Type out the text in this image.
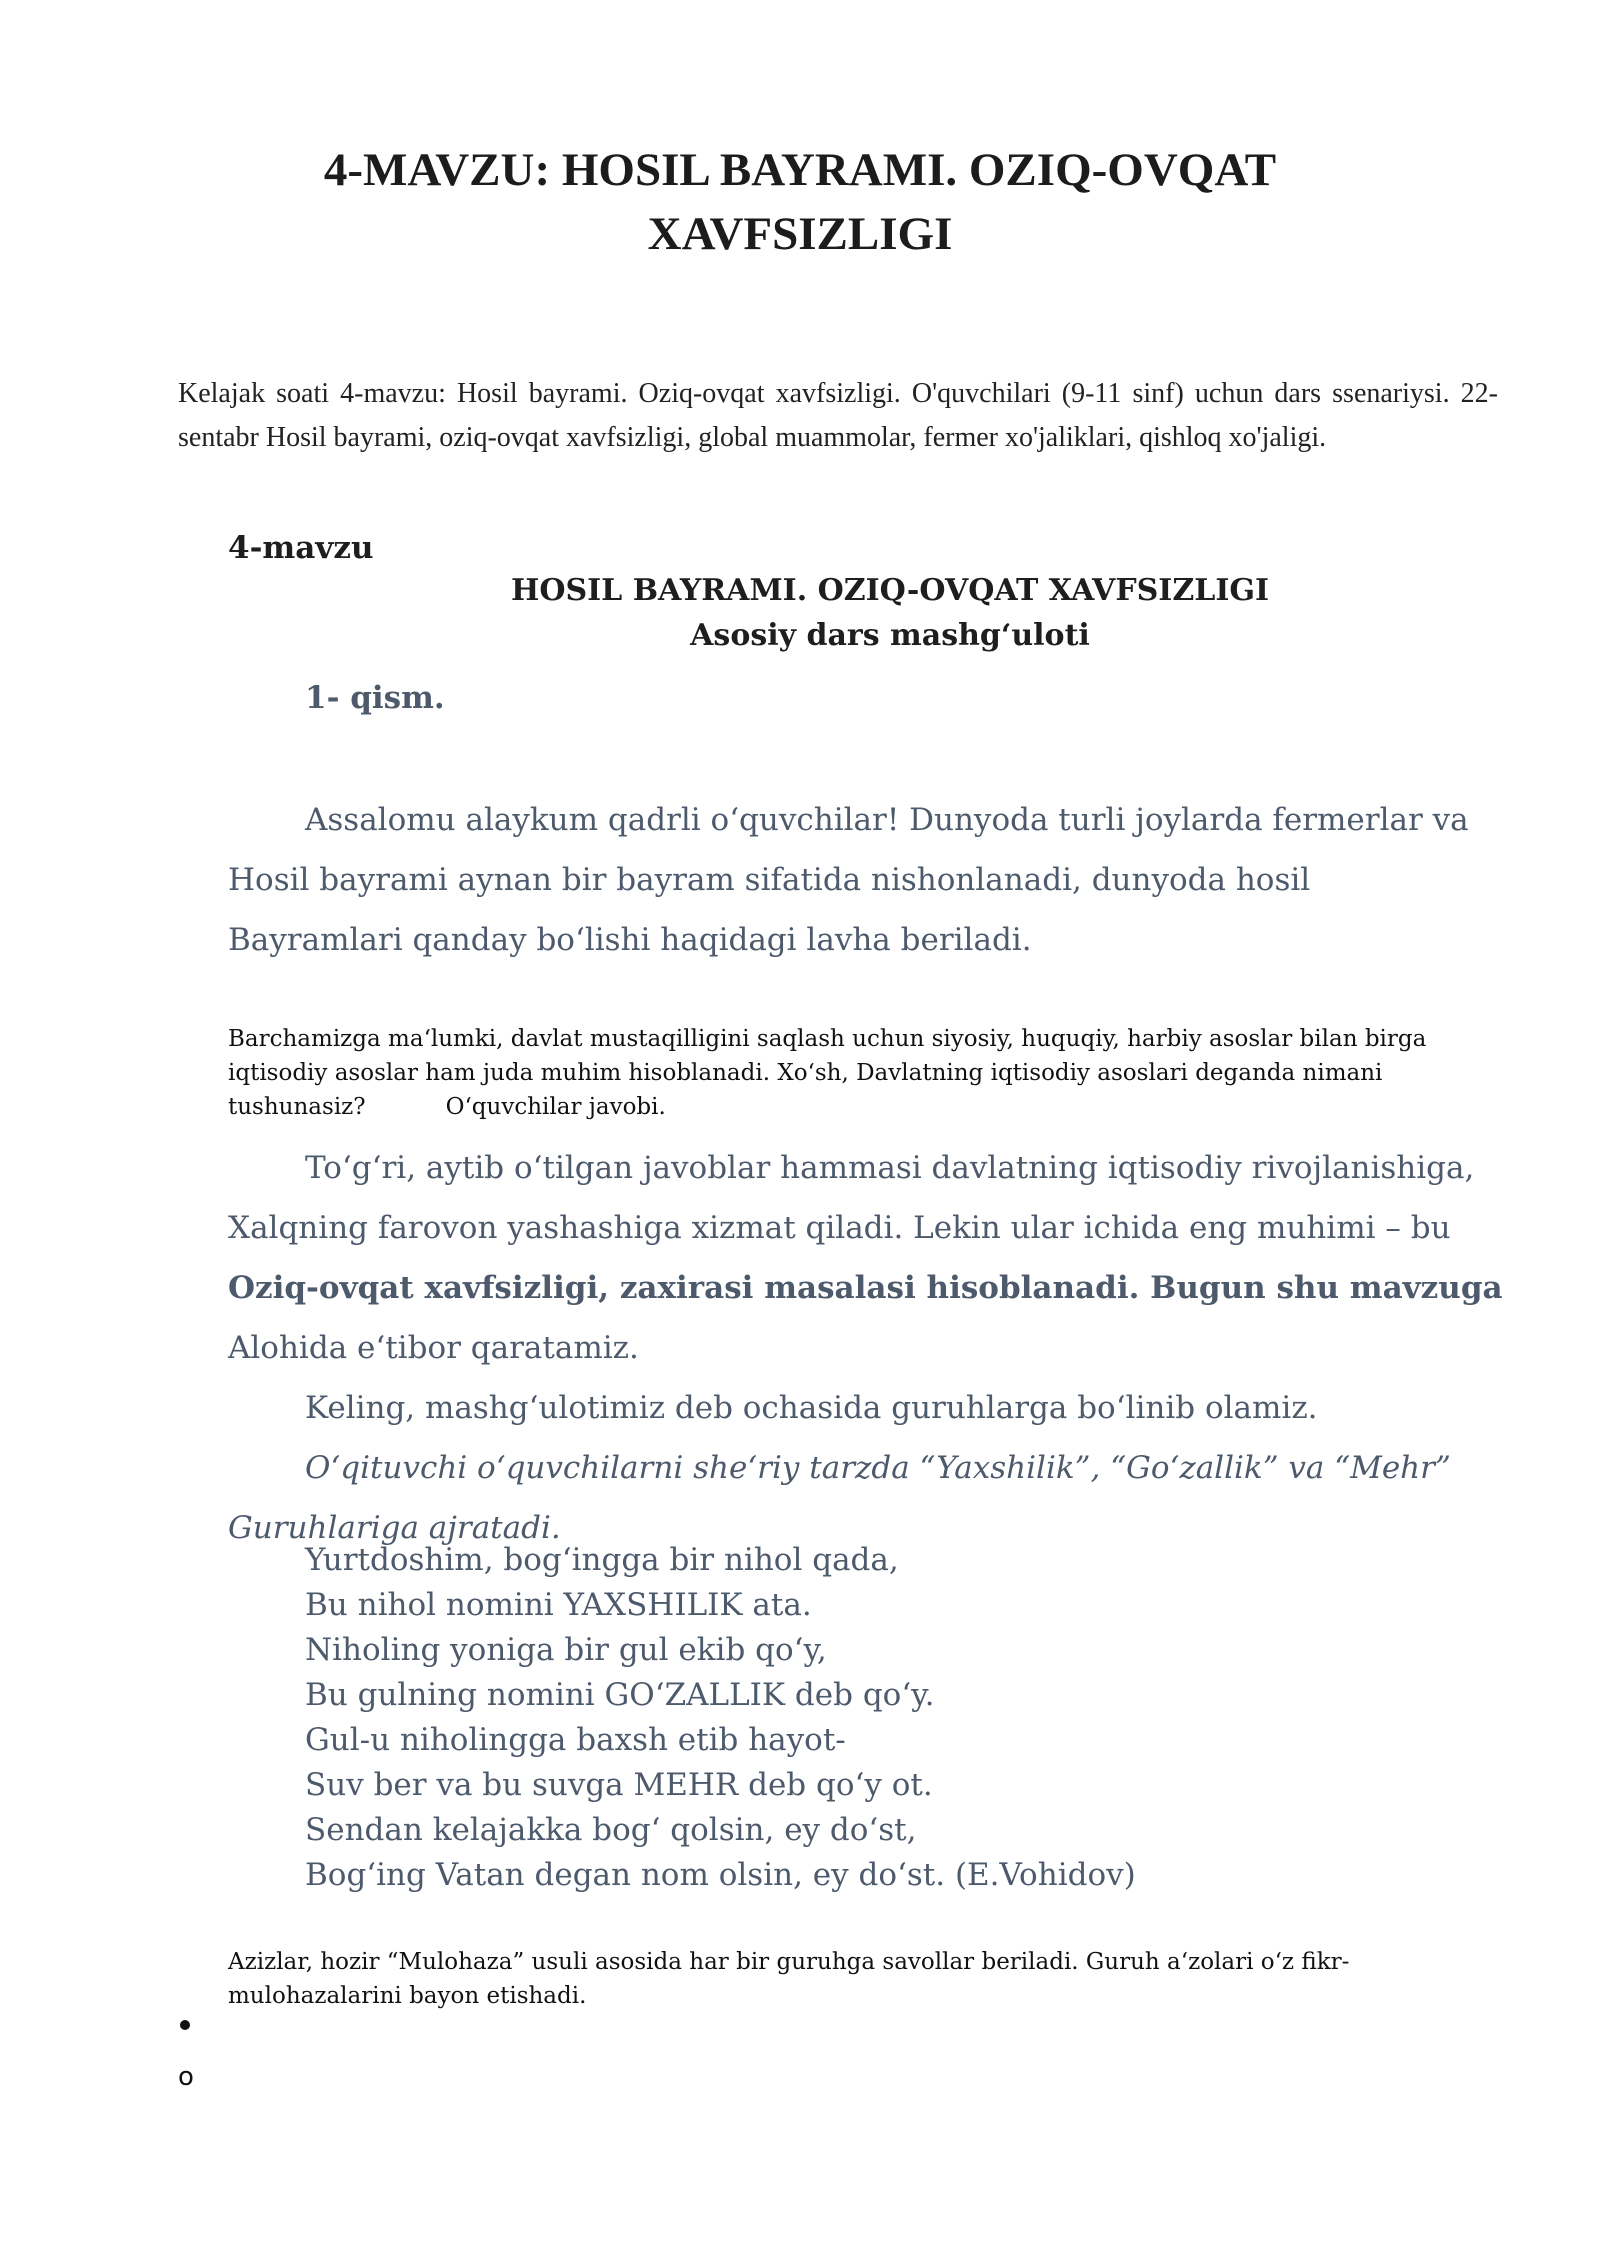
4-MAVZU: HOSIL BAYRAMI. OZIQ-OVQAT
XAVFSIZLIGI
Kelajak soati 4-mavzu: Hosil bayrami. Oziq-ovqat xavfsizligi. O'quvchilari (9-11 sinf) uchun dars ssenariysi. 22-sentabr Hosil bayrami, oziq-ovqat xavfsizligi, global muammolar, fermer xo'jaliklari, qishloq xo'jaligi.
4-mavzu
HOSIL BAYRAMI. OZIQ-OVQAT XAVFSIZLIGI
Asosiy dars mashg‘uloti
1- qism.
Assalomu alaykum qadrli o‘quvchilar! Dunyoda turli joylarda fermerlar va
Hosil bayrami aynan bir bayram sifatida nishonlanadi, dunyoda hosil
Bayramlari qanday bo‘lishi haqidagi lavha beriladi.
Barchamizga ma‘lumki, davlat mustaqilligini saqlash uchun siyosiy, huquqiy, harbiy asoslar bilan birga iqtisodiy asoslar ham juda muhim hisoblanadi. Xo‘sh, Davlatning iqtisodiy asoslari deganda nimani tushunasiz?	O‘quvchilar javobi.
To‘g‘ri, aytib o‘tilgan javoblar hammasi davlatning iqtisodiy rivojlanishiga,
Xalqning farovon yashashiga xizmat qiladi. Lekin ular ichida eng muhimi – bu
Oziq-ovqat xavfsizligi, zaxirasi masalasi hisoblanadi. Bugun shu mavzuga
Alohida e‘tibor qaratamiz.
Keling, mashg‘ulotimiz deb ochasida guruhlarga bo‘linib olamiz.
O‘qituvchi o‘quvchilarni she‘riy tarzda “Yaxshilik”, “Go‘zallik” va “Mehr”
Guruhlariga ajratadi.
Yurtdoshim, bog‘ingga bir nihol qada,
Bu nihol nomini YAXSHILIK ata.
Niholing yoniga bir gul ekib qo‘y,
Bu gulning nomini GO‘ZALLIK deb qo‘y.
Gul-u niholingga baxsh etib hayot-
Suv ber va bu suvga MEHR deb qo‘y ot.
Sendan kelajakka bog‘ qolsin, ey do‘st,
Bog‘ing Vatan degan nom olsin, ey do‘st. (E.Vohidov)
Azizlar, hozir “Mulohaza” usuli asosida har bir guruhga savollar beriladi. Guruh a‘zolari o‘z fikr-mulohazalarini bayon etishadi.
o
